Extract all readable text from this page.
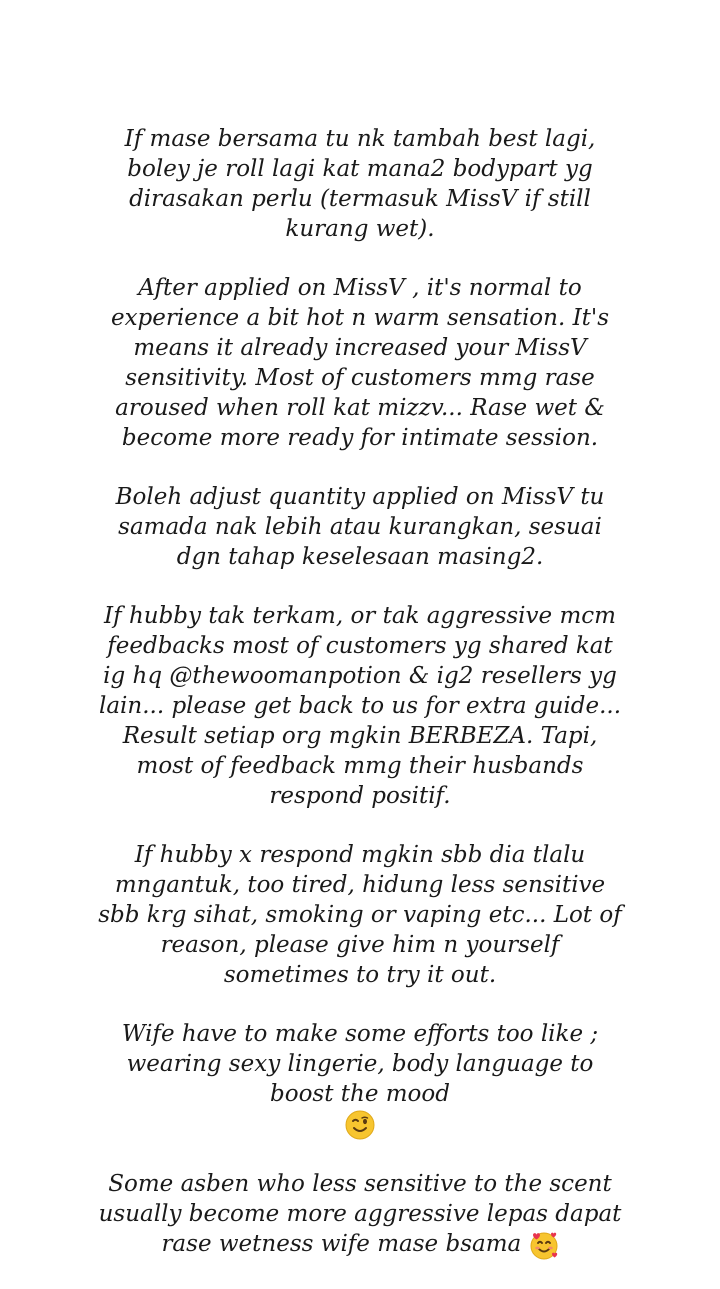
If mase bersama tu nk tambah best lagi, boley je roll lagi kat mana2 bodypart yg dirasakan perlu (termasuk MissV if still kurang wet).

After applied on MissV , it's normal to experience a bit hot n warm sensation. It's means it already increased your MissV sensitivity. Most of customers mmg rase aroused when roll kat mizzv... Rase wet & become more ready for intimate session.

Boleh adjust quantity applied on MissV tu samada nak lebih atau kurangkan, sesuai dgn tahap keselesaan masing2.

If hubby tak terkam, or tak aggressive mcm feedbacks most of customers yg shared kat ig hq @thewoomanpotion & ig2 resellers yg lain... please get back to us for extra guide... Result setiap org mgkin BERBEZA. Tapi, most of feedback mmg their husbands respond positif.

If hubby x respond mgkin sbb dia tlalu mngantuk, too tired, hidung less sensitive sbb krg sihat, smoking or vaping etc... Lot of reason, please give him n yourself sometimes to try it out.

Wife have to make some efforts too like ; wearing sexy lingerie, body language to boost the mood

Some asben who less sensitive to the scent usually become more aggressive lepas dapat rase wetness wife mase bsama
